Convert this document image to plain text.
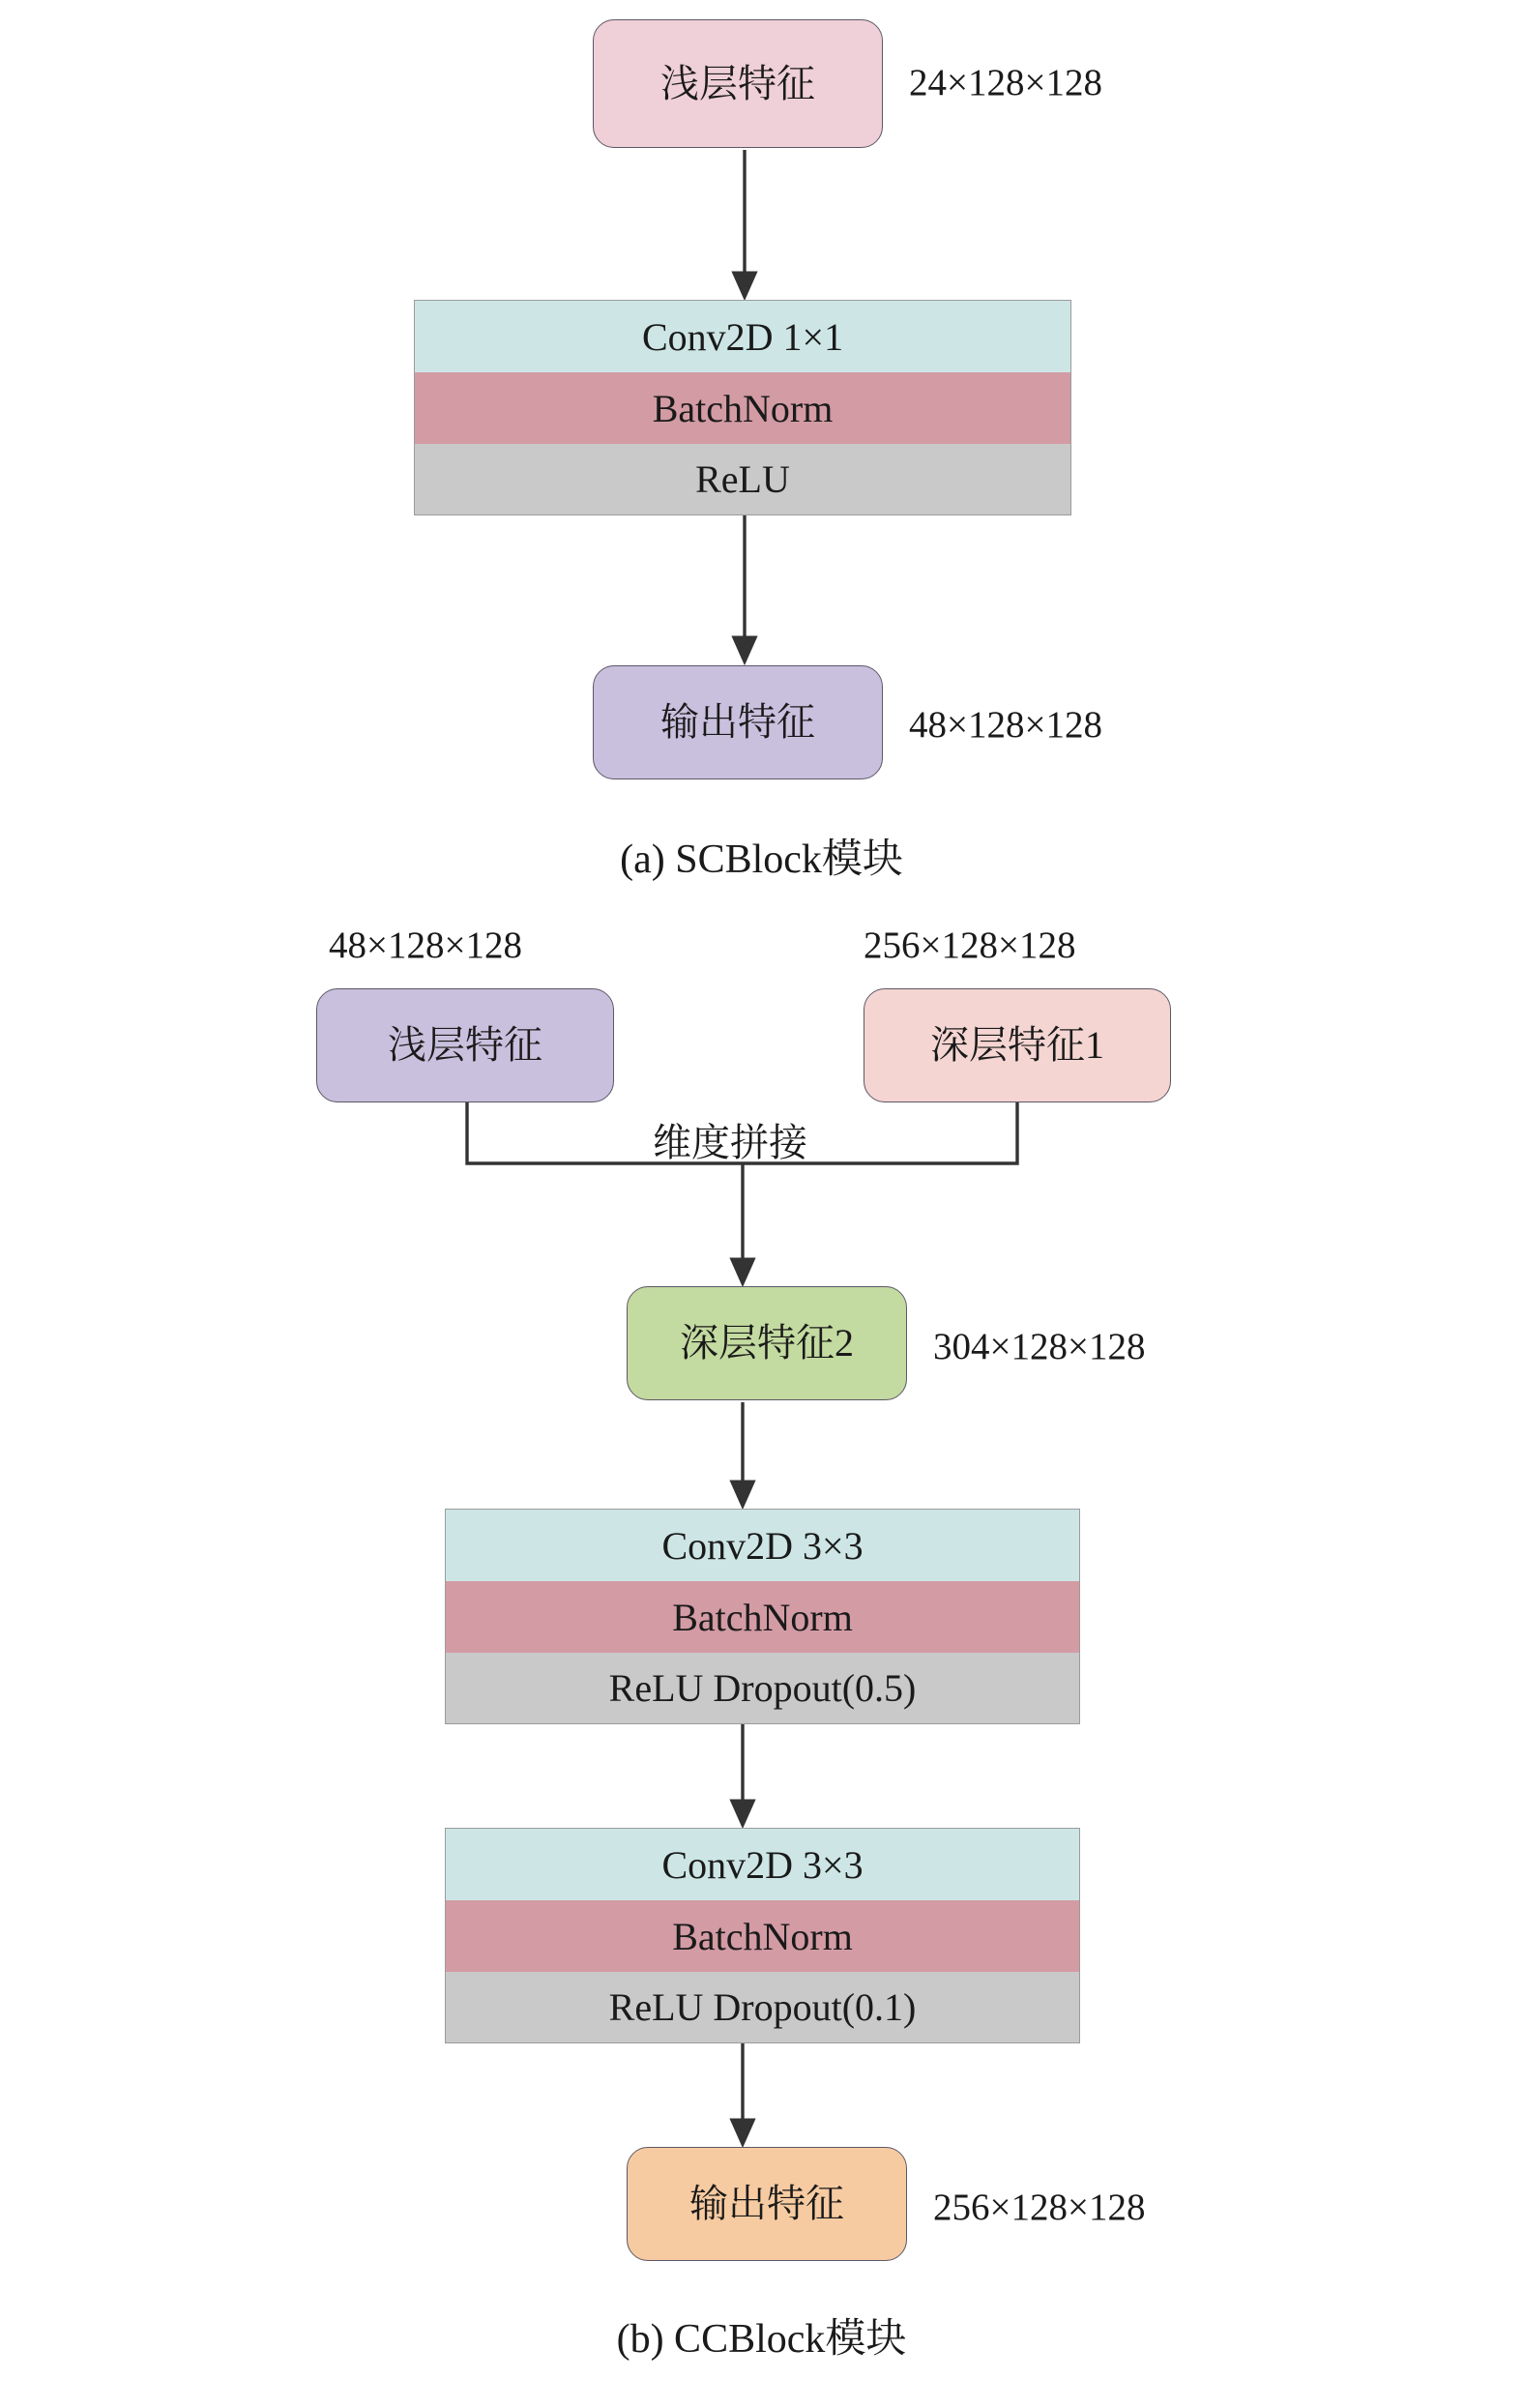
浅层特征 24×128×128
Conv2D 1×1
BatchNorm
ReLU
输出特征 48×128×128
(a) SCBlock模块
48×128×128	256×128×128
浅层特征	深层特征1
维度拼接
深层特征2 304×128×128
Conv2D 3×3
BatchNorm
ReLU Dropout(0.5)
Conv2D 3×3
BatchNorm
ReLU Dropout(0.1)
输出特征 256×128×128
(b) CCBlock模块
